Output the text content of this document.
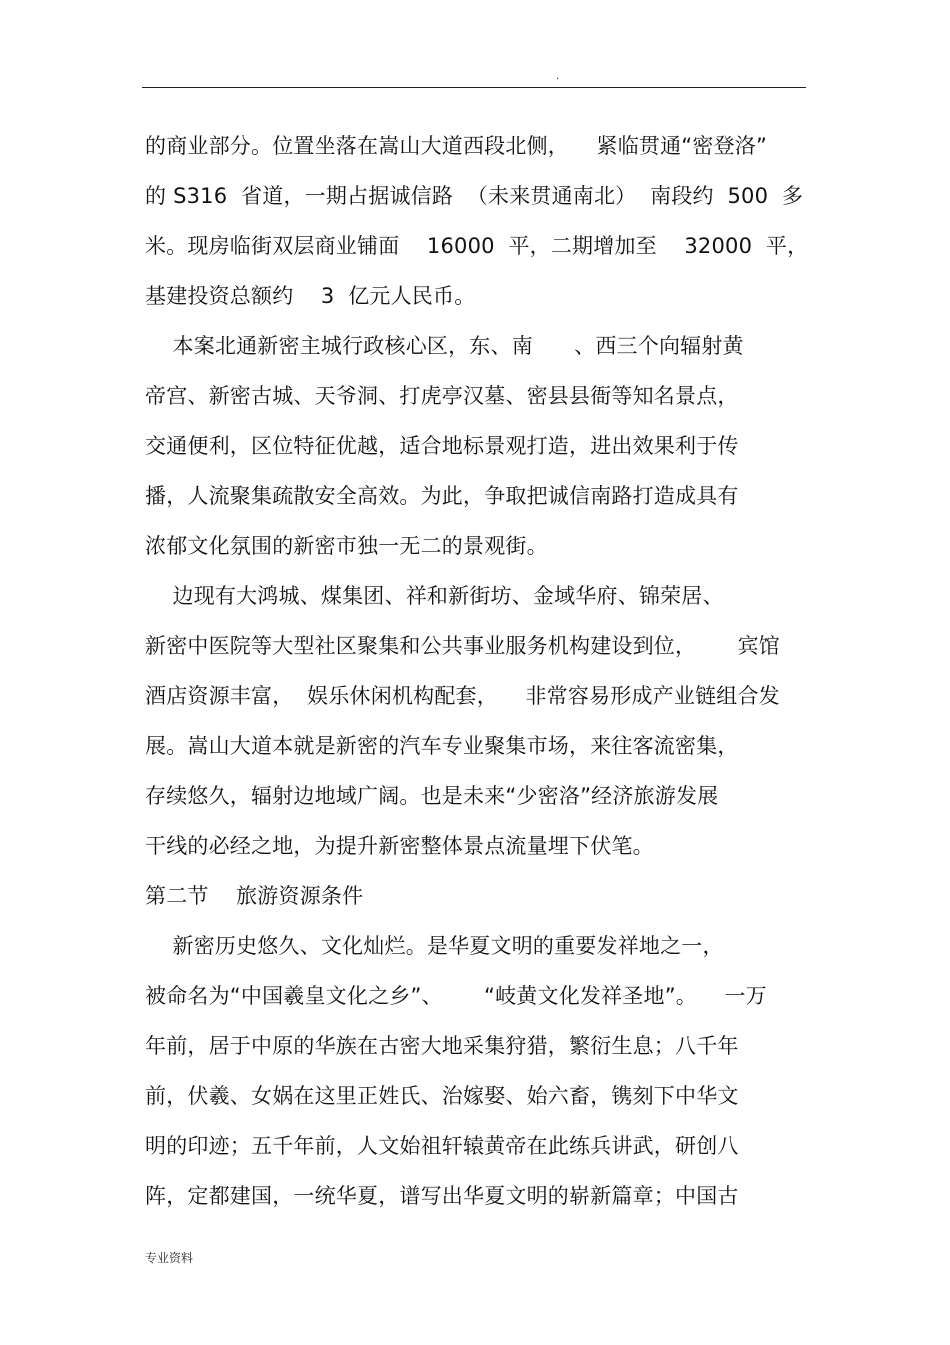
.
的商业部分。位置坐落在嵩山大道西段北侧，    紧临贯通“密登洛”
的 S316  省道，一期占据诚信路  （未来贯通南北）  南段约  500  多
米。现房临街双层商业铺面    16000  平，二期增加至    32000  平，
基建投资总额约    3  亿元人民币。
本案北通新密主城行政核心区，东、南      、西三个向辐射黄
帝宫、新密古城、天爷洞、打虎亭汉墓、密县县衙等知名景点，
交通便利，区位特征优越，适合地标景观打造，进出效果利于传
播，人流聚集疏散安全高效。为此，争取把诚信南路打造成具有
浓郁文化氛围的新密市独一无二的景观街。
边现有大鸿城、煤集团、祥和新街坊、金域华府、锦荣居、
新密中医院等大型社区聚集和公共事业服务机构建设到位，      宾馆
酒店资源丰富，  娱乐休闲机构配套，    非常容易形成产业链组合发
展。嵩山大道本就是新密的汽车专业聚集市场，来往客流密集，
存续悠久，辐射边地域广阔。也是未来“少密洛”经济旅游发展
干线的必经之地，为提升新密整体景点流量埋下伏笔。
第二节    旅游资源条件
新密历史悠久、文化灿烂。是华夏文明的重要发祥地之一，
被命名为“中国羲皇文化之乡”、      “岐黄文化发祥圣地”。    一万
年前，居于中原的华族在古密大地采集狩猎，繁衍生息；八千年
前，伏羲、女娲在这里正姓氏、治嫁娶、始六畜，镌刻下中华文
明的印迹；五千年前，人文始祖轩辕黄帝在此练兵讲武，研创八
阵，定都建国，一统华夏，谱写出华夏文明的崭新篇章；中国古
专业资料
